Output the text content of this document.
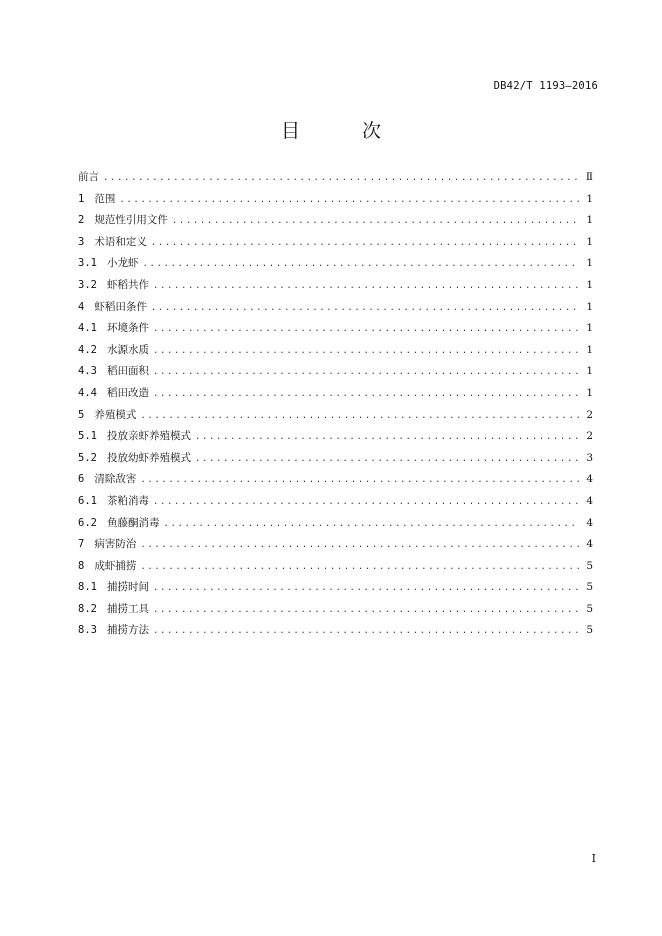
DB42/T 1193—2016
目 次
前言 .....	Ⅱ
1 范围 .....	1
2 规范性引用文件 .....	1
3 术语和定义 .....	1
3.1 小龙虾 .....	1
3.2 虾稻共作 .....	1
4 虾稻田条件 .....	1
4.1 环境条件 .....	1
4.2 水源水质 .....	1
4.3 稻田面积 .....	1
4.4 稻田改造 .....	1
5 养殖模式 .....	2
5.1 投放亲虾养殖模式 .....	2
5.2 投放幼虾养殖模式 .....	3
6 清除敌害 .....	4
6.1 茶粕消毒 .....	4
6.2 鱼藤酮消毒 .....	4
7 病害防治 .....	4
8 成虾捕捞 .....	5
8.1 捕捞时间 .....	5
8.2 捕捞工具 .....	5
8.3 捕捞方法 .....	5
I
